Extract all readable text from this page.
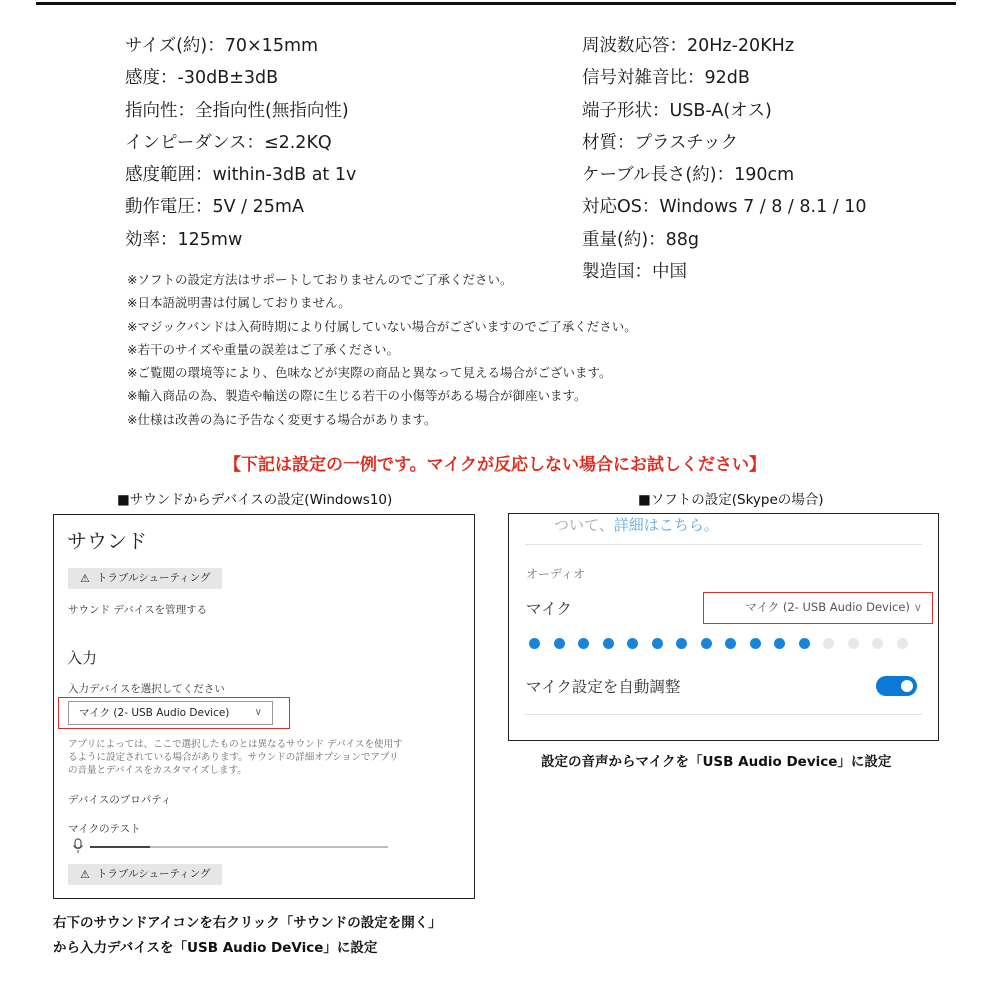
サイズ(約)：70×15mm
感度：-30dB±3dB
指向性：全指向性(無指向性)
インピーダンス：≤2.2KQ
感度範囲：within-3dB at 1v
動作電圧：5V / 25mA
効率：125mw
周波数応答：20Hz-20KHz
信号対雑音比：92dB
端子形状：USB-A(オス)
材質：プラスチック
ケーブル長さ(約)：190cm
対応OS：Windows 7 / 8 / 8.1 / 10
重量(約)：88g
製造国：中国
※ソフトの設定方法はサポートしておりませんのでご了承ください。
※日本語説明書は付属しておりません。
※マジックバンドは入荷時期により付属していない場合がございますのでご了承ください。
※若干のサイズや重量の誤差はご了承ください。
※ご覧閲の環境等により、色味などが実際の商品と異なって見える場合がございます。
※輸入商品の為、製造や輸送の際に生じる若干の小傷等がある場合が御座います。
※仕様は改善の為に予告なく変更する場合があります。
【下記は設定の一例です。マイクが反応しない場合にお試しください】
■サウンドからデバイスの設定(Windows10)	■ソフトの設定(Skypeの場合)
サウンド
⚠ トラブルシューティング
サウンド デバイスを管理する
入力
入力デバイスを選択してください
マイク (2- USB Audio Device)	∨
アプリによっては、ここで選択したものとは異なるサウンド デバイスを使用するように設定されている場合があります。サウンドの詳細オプションでアプリの音量とデバイスをカスタマイズします。
デバイスのプロパティ
マイクのテスト
⚠ トラブルシューティング
ついて、詳細はこちら。
オーディオ
マイク	マイク (2- USB Audio Device) ∨
マイク設定を自動調整
設定の音声からマイクを「USB Audio Device」に設定
右下のサウンドアイコンを右クリック「サウンドの設定を開く」
から入力デバイスを「USB Audio DeVice」に設定
